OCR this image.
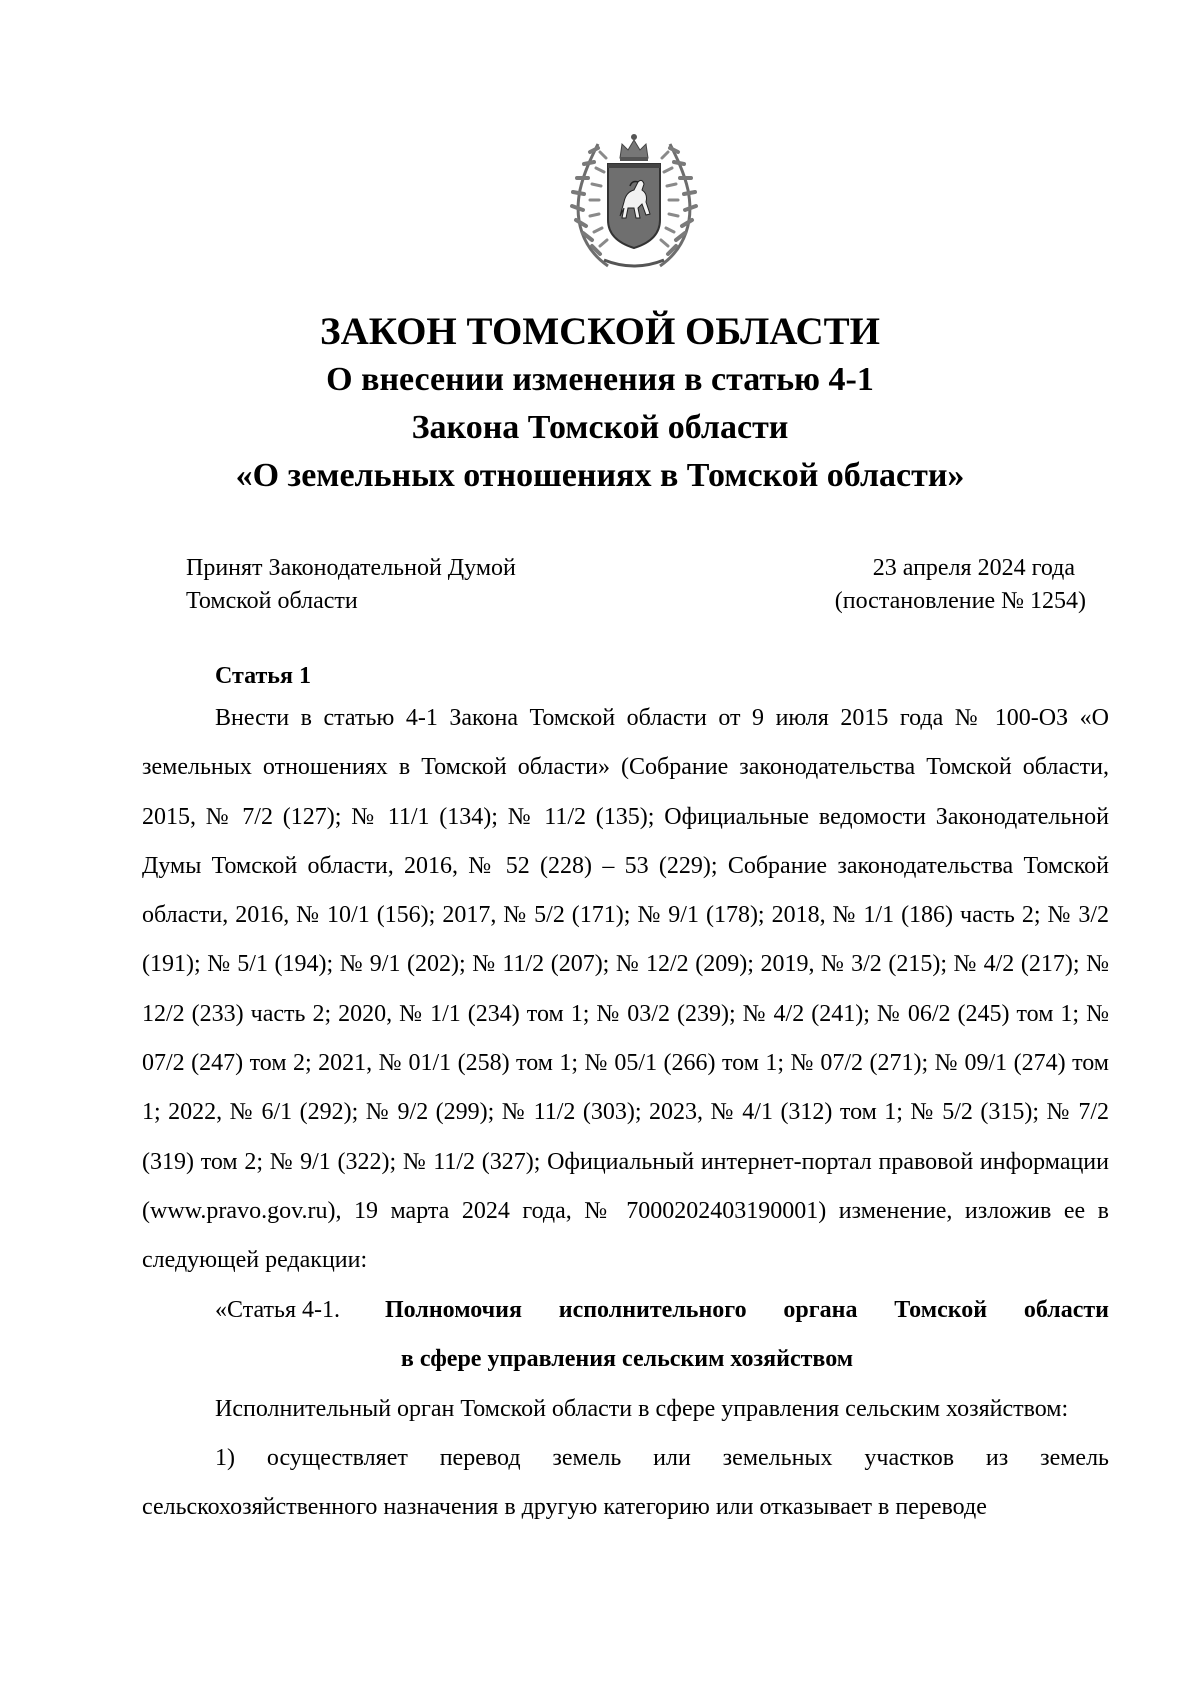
ЗАКОН ТОМСКОЙ ОБЛАСТИ

О внесении изменения в статью 4-1

Закона Томской области

«О земельных отношениях в Томской области»

Принят Законодательной Думой
Томской области
23 апреля 2024 года
(постановление № 1254)

Статья 1

Внести в статью 4-1 Закона Томской области от 9 июля 2015 года № 100-ОЗ «О земельных отношениях в Томской области» (Собрание законодательства Томской области, 2015, № 7/2 (127); № 11/1 (134); № 11/2 (135); Официальные ведомости Законодательной Думы Томской области, 2016, № 52 (228) – 53 (229); Собрание законодательства Томской области, 2016, № 10/1 (156); 2017, № 5/2 (171); № 9/1 (178); 2018, № 1/1 (186) часть 2; № 3/2 (191); № 5/1 (194); № 9/1 (202); № 11/2 (207); № 12/2 (209); 2019, № 3/2 (215); № 4/2 (217); № 12/2 (233) часть 2; 2020, № 1/1 (234) том 1; № 03/2 (239); № 4/2 (241); № 06/2 (245) том 1; № 07/2 (247) том 2; 2021, № 01/1 (258) том 1; № 05/1 (266) том 1; № 07/2 (271); № 09/1 (274) том 1; 2022, № 6/1 (292); № 9/2 (299); № 11/2 (303); 2023, № 4/1 (312) том 1; № 5/2 (315); № 7/2 (319) том 2; № 9/1 (322); № 11/2 (327); Официальный интернет-портал правовой информации (www.pravo.gov.ru), 19 марта 2024 года, № 7000202403190001) изменение, изложив ее в следующей редакции:

«Статья 4-1. Полномочия исполнительного органа Томской области
в сфере управления сельским хозяйством

Исполнительный орган Томской области в сфере управления сельским хозяйством:

1) осуществляет перевод земель или земельных участков из земель сельскохозяйственного назначения в другую категорию или отказывает в переводе
